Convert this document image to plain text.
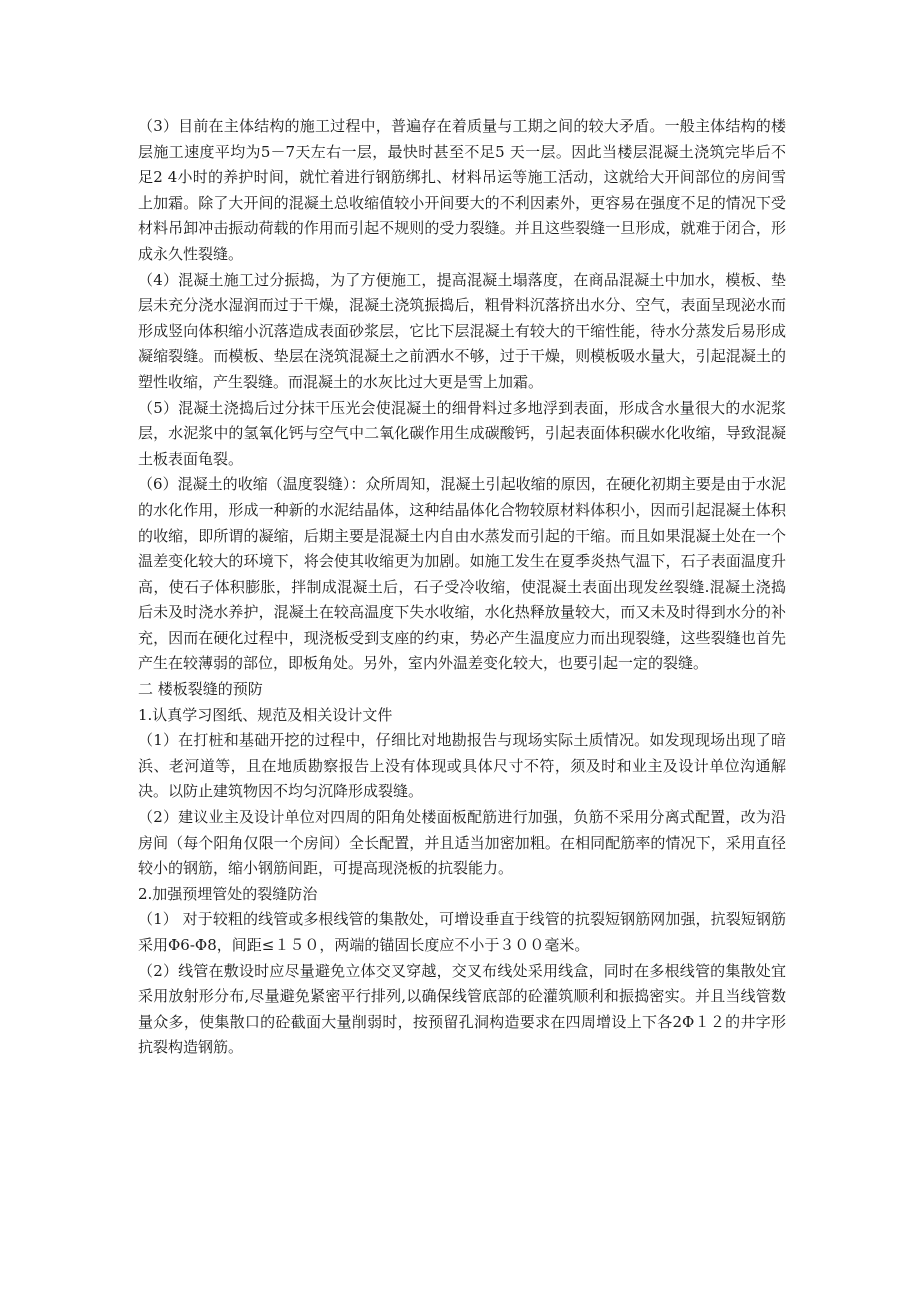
（3）目前在主体结构的施工过程中，普遍存在着质量与工期之间的较大矛盾。一般主体结构的楼层施工速度平均为5－7天左右一层，最快时甚至不足5 天一层。因此当楼层混凝土浇筑完毕后不足2 4小时的养护时间，就忙着进行钢筋绑扎、材料吊运等施工活动，这就给大开间部位的房间雪上加霜。除了大开间的混凝土总收缩值较小开间要大的不利因素外，更容易在强度不足的情况下受材料吊卸冲击振动荷载的作用而引起不规则的受力裂缝。并且这些裂缝一旦形成，就难于闭合，形成永久性裂缝。

（4）混凝土施工过分振捣，为了方便施工，提高混凝土塌落度，在商品混凝土中加水，模板、垫层未充分浇水湿润而过于干燥，混凝土浇筑振捣后，粗骨料沉落挤出水分、空气，表面呈现泌水而形成竖向体积缩小沉落造成表面砂浆层，它比下层混凝土有较大的干缩性能，待水分蒸发后易形成凝缩裂缝。而模板、垫层在浇筑混凝土之前洒水不够，过于干燥，则模板吸水量大，引起混凝土的塑性收缩，产生裂缝。而混凝土的水灰比过大更是雪上加霜。

（5）混凝土浇捣后过分抹干压光会使混凝土的细骨料过多地浮到表面，形成含水量很大的水泥浆层，水泥浆中的氢氧化钙与空气中二氧化碳作用生成碳酸钙，引起表面体积碳水化收缩，导致混凝土板表面龟裂。

（6）混凝土的收缩（温度裂缝）：众所周知，混凝土引起收缩的原因，在硬化初期主要是由于水泥的水化作用，形成一种新的水泥结晶体，这种结晶体化合物较原材料体积小，因而引起混凝土体积的收缩，即所谓的凝缩，后期主要是混凝土内自由水蒸发而引起的干缩。而且如果混凝土处在一个温差变化较大的环境下，将会使其收缩更为加剧。如施工发生在夏季炎热气温下，石子表面温度升高，使石子体积膨胀，拌制成混凝土后，石子受冷收缩，使混凝土表面出现发丝裂缝.混凝土浇捣后未及时浇水养护，混凝土在较高温度下失水收缩，水化热释放量较大，而又未及时得到水分的补充，因而在硬化过程中，现浇板受到支座的约束，势必产生温度应力而出现裂缝，这些裂缝也首先产生在较薄弱的部位，即板角处。另外，室内外温差变化较大，也要引起一定的裂缝。

二 楼板裂缝的预防

1.认真学习图纸、规范及相关设计文件

（1）在打桩和基础开挖的过程中，仔细比对地勘报告与现场实际土质情况。如发现现场出现了暗浜、老河道等，且在地质勘察报告上没有体现或具体尺寸不符，须及时和业主及设计单位沟通解决。以防止建筑物因不均匀沉降形成裂缝。

（2）建议业主及设计单位对四周的阳角处楼面板配筋进行加强，负筋不采用分离式配置，改为沿房间（每个阳角仅限一个房间）全长配置，并且适当加密加粗。在相同配筋率的情况下，采用直径较小的钢筋，缩小钢筋间距，可提高现浇板的抗裂能力。

2.加强预埋管处的裂缝防治

（1） 对于较粗的线管或多根线管的集散处，可增设垂直于线管的抗裂短钢筋网加强，抗裂短钢筋采用Φ6-Φ8，间距≤１５０，两端的锚固长度应不小于３００毫米。

（2）线管在敷设时应尽量避免立体交叉穿越，交叉布线处采用线盒，同时在多根线管的集散处宜采用放射形分布,尽量避免紧密平行排列,以确保线管底部的砼灌筑顺利和振捣密实。并且当线管数量众多，使集散口的砼截面大量削弱时，按预留孔洞构造要求在四周增设上下各2Φ１２的井字形抗裂构造钢筋。
